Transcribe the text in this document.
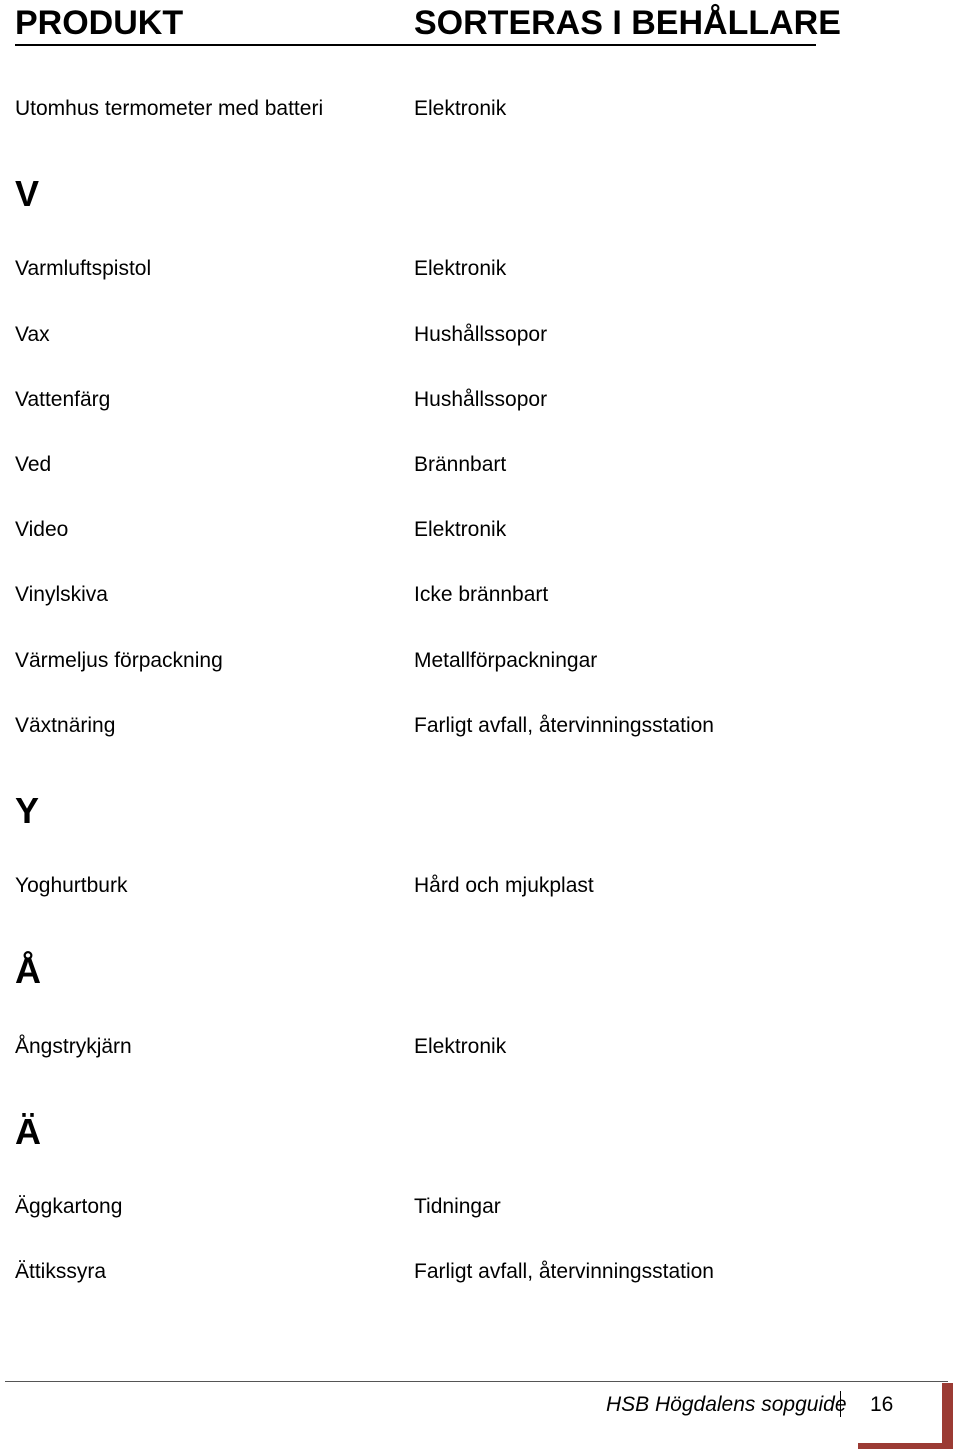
PRODUKT	SORTERAS I BEHÅLLARE
Utomhus termometer med batteri	Elektronik
V
Varmluftspistol	Elektronik
Vax	Hushållssopor
Vattenfärg	Hushållssopor
Ved	Brännbart
Video	Elektronik
Vinylskiva	Icke brännbart
Värmeljus förpackning	Metallförpackningar
Växtnäring	Farligt avfall, återvinningsstation
Y
Yoghurtburk	Hård och mjukplast
Å
Ångstrykjärn	Elektronik
Ä
Äggkartong	Tidningar
Ättikssyra	Farligt avfall, återvinningsstation
HSB Högdalens sopguide 16
